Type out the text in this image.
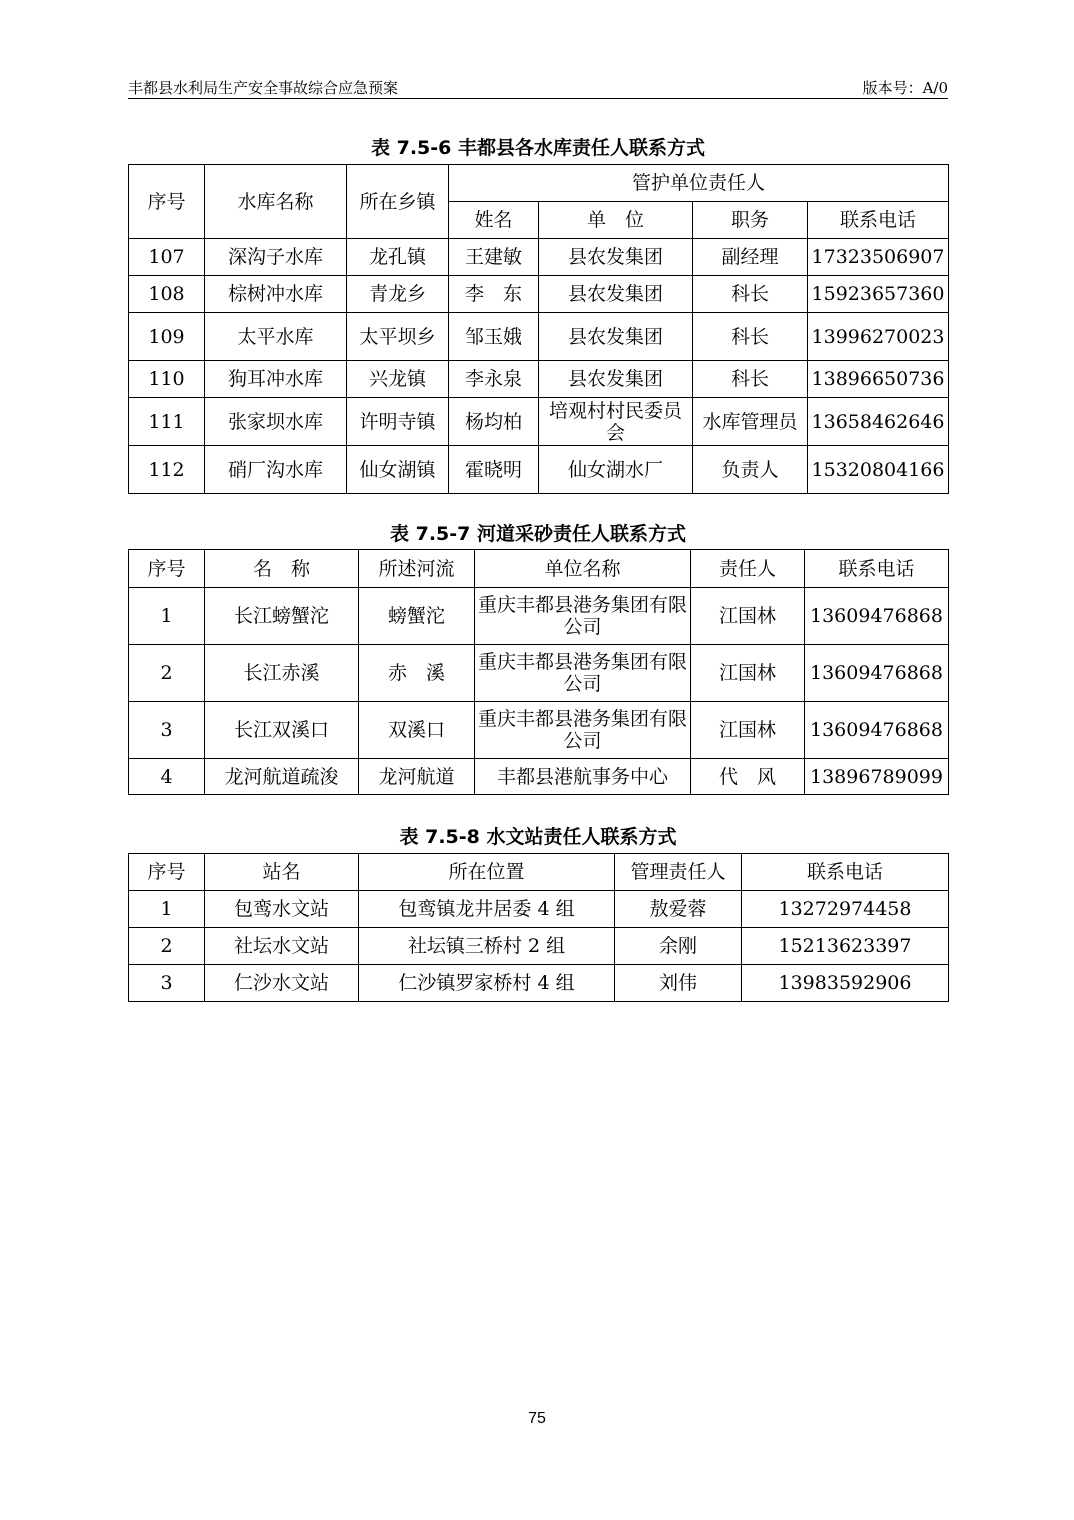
丰都县水利局生产安全事故综合应急预案	版本号：A/0
表 7.5-6 丰都县各水库责任人联系方式
序号	水库名称	所在乡镇	管护单位责任人			
			姓名	单　位	职务	联系电话
107	深沟子水库	龙孔镇	王建敏	县农发集团	副经理	17323506907
108	棕树冲水库	青龙乡	李　东	县农发集团	科长	15923657360
109	太平水库	太平坝乡	邹玉娥	县农发集团	科长	13996270023
110	狗耳冲水库	兴龙镇	李永泉	县农发集团	科长	13896650736
111	张家坝水库	许明寺镇	杨均柏	培观村村民委员会	水库管理员	13658462646
112	硝厂沟水库	仙女湖镇	霍晓明	仙女湖水厂	负责人	15320804166
表 7.5-7 河道采砂责任人联系方式
序号	名　称	所述河流	单位名称	责任人	联系电话
1	长江螃蟹沱	螃蟹沱	重庆丰都县港务集团有限公司	江国林	13609476868
2	长江赤溪	赤　溪	重庆丰都县港务集团有限公司	江国林	13609476868
3	长江双溪口	双溪口	重庆丰都县港务集团有限公司	江国林	13609476868
4	龙河航道疏浚	龙河航道	丰都县港航事务中心	代　风	13896789099
表 7.5-8 水文站责任人联系方式
序号	站名	所在位置	管理责任人	联系电话
1	包鸾水文站	包鸾镇龙井居委 4 组	敖爱蓉	13272974458
2	社坛水文站	社坛镇三桥村 2 组	余刚	15213623397
3	仁沙水文站	仁沙镇罗家桥村 4 组	刘伟	13983592906
75
